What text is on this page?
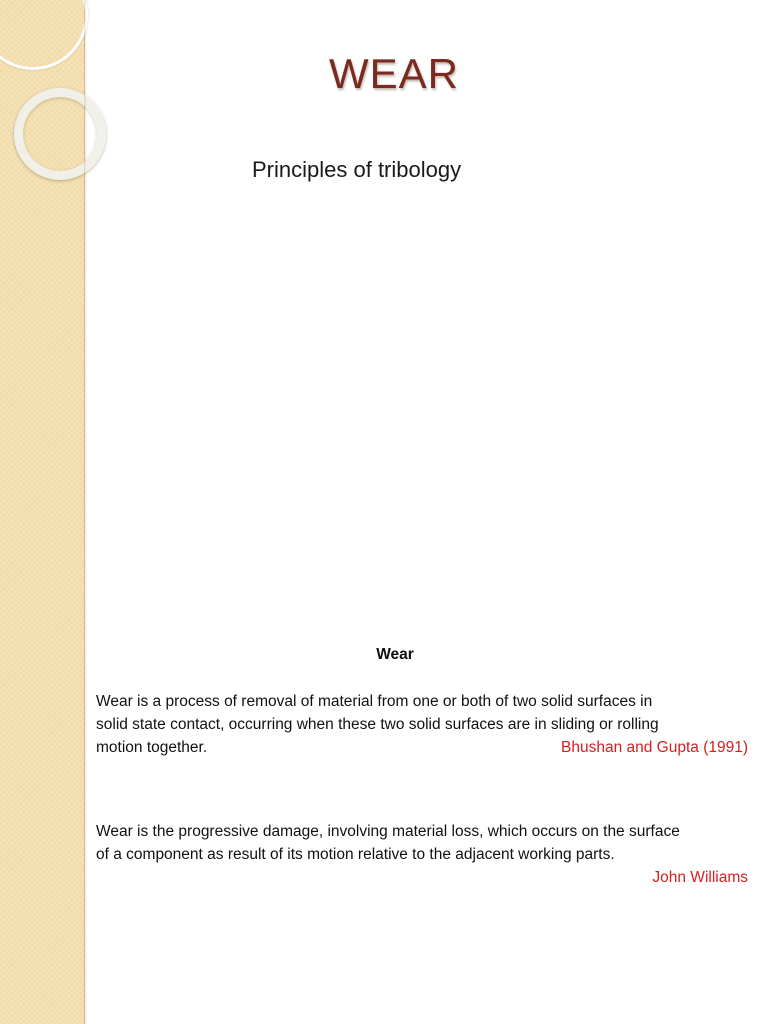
WEAR
Principles of tribology
Wear
Wear is a process of removal of material from one or both of two solid surfaces in
solid state contact, occurring when these two solid surfaces are in sliding or rolling
motion together.	Bhushan and Gupta (1991)
Wear is the progressive damage, involving material loss, which occurs on the surface
of a component as result of its motion relative to the adjacent working parts.
John Williams
